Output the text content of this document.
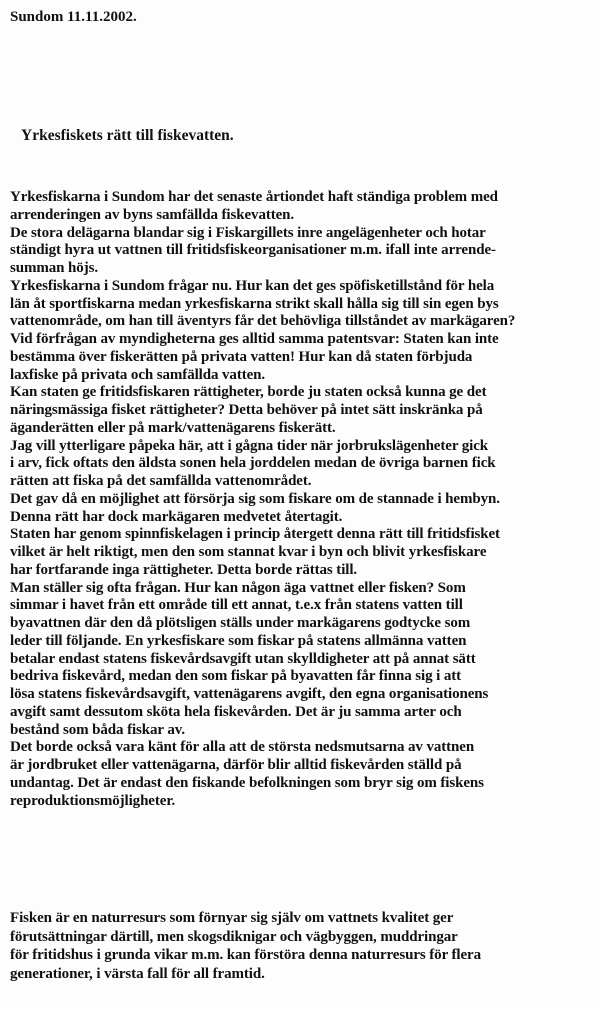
Sundom 11.11.2002.
Yrkesfiskets rätt till fiskevatten.
Yrkesfiskarna i Sundom har det senaste årtiondet haft ständiga problem med
arrenderingen av byns samfällda fiskevatten.
De stora delägarna blandar sig i Fiskargillets inre angelägenheter och hotar
ständigt hyra ut vattnen till fritidsfiskeorganisationer m.m. ifall inte arrende-
summan höjs.
Yrkesfiskarna i Sundom frågar nu. Hur kan det ges spöfisketillstånd för hela
län åt sportfiskarna medan yrkesfiskarna strikt skall hålla sig till sin egen bys
vattenområde, om han till äventyrs får det behövliga tillståndet av markägaren?
Vid förfrågan av myndigheterna ges alltid samma patentsvar: Staten kan inte
bestämma över fiskerätten på privata vatten! Hur kan då staten förbjuda
laxfiske på privata och samfällda vatten.
Kan staten ge fritidsfiskaren rättigheter, borde ju staten också kunna ge det
näringsmässiga fisket rättigheter? Detta behöver på intet sätt inskränka på
äganderätten eller på mark/vattenägarens fiskerätt.
Jag vill ytterligare påpeka här, att i gågna tider när jorbrukslägenheter gick
i arv, fick oftats den äldsta sonen hela jorddelen medan de övriga barnen fick
rätten att fiska på det samfällda vattenområdet.
Det gav då en möjlighet att försörja sig som fiskare om de stannade i hembyn.
Denna rätt har dock markägaren medvetet återtagit.
Staten har genom spinnfiskelagen i princip återgett denna rätt till fritidsfisket
vilket är helt riktigt, men den som stannat kvar i byn och blivit yrkesfiskare
har fortfarande inga rättigheter. Detta borde rättas till.
Man ställer sig ofta frågan. Hur kan någon äga vattnet eller fisken? Som
simmar i havet från ett område till ett annat, t.e.x från statens vatten till
byavattnen där den då plötsligen ställs under markägarens godtycke som
leder till följande. En yrkesfiskare som fiskar på statens allmänna vatten
betalar endast statens fiskevårdsavgift utan skylldigheter att på annat sätt
bedriva fiskevård, medan den som fiskar på byavatten får finna sig i att
lösa statens fiskevårdsavgift, vattenägarens avgift, den egna organisationens
avgift samt dessutom sköta hela fiskevården. Det är ju samma arter och
bestånd som båda fiskar av.
Det borde också vara känt för alla att de största nedsmutsarna av vattnen
är jordbruket eller vattenägarna, därför blir alltid fiskevården ställd på
undantag. Det är endast den fiskande befolkningen som bryr sig om fiskens
reproduktionsmöjligheter.
Fisken är en naturresurs som förnyar sig själv om vattnets kvalitet ger
förutsättningar därtill, men skogsdiknigar och vägbyggen, muddringar
för fritidshus i grunda vikar m.m. kan förstöra denna naturresurs för flera
generationer, i värsta fall för all framtid.
